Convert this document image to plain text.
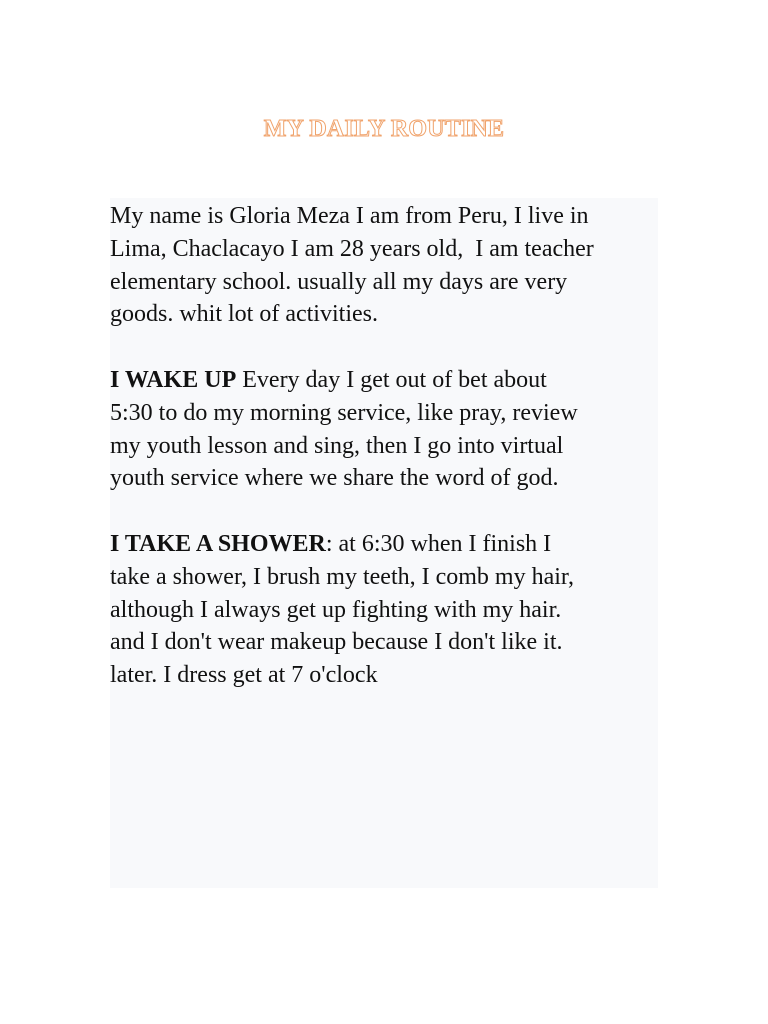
MY DAILY ROUTINE
My name is Gloria Meza I am from Peru, I live in
Lima, Chaclacayo I am 28 years old,  I am teacher
elementary school. usually all my days are very
goods. whit lot of activities.
I WAKE UP Every day I get out of bet about
5:30 to do my morning service, like pray, review
my youth lesson and sing, then I go into virtual
youth service where we share the word of god.
I TAKE A SHOWER: at 6:30 when I finish I
take a shower, I brush my teeth, I comb my hair,
although I always get up fighting with my hair.
and I don't wear makeup because I don't like it.
later. I dress get at 7 o'clock
